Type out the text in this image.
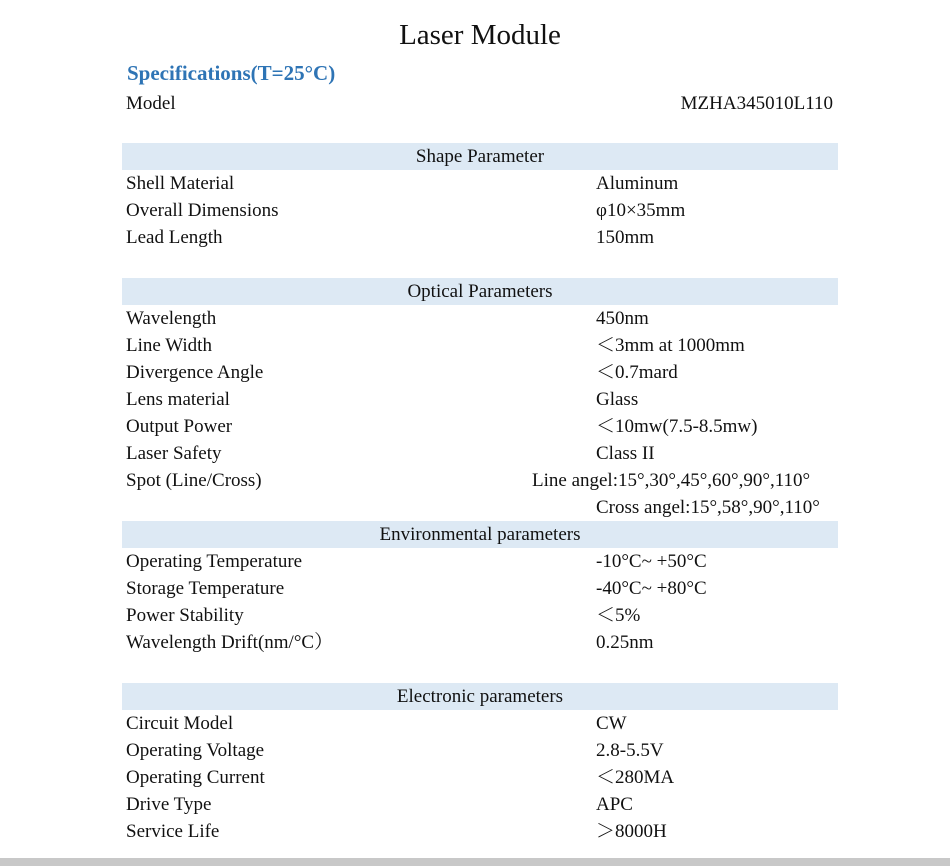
Laser Module
Specifications(T=25°C)
Model	MZHA345010L110
Shape Parameter
Shell Material	Aluminum
Overall Dimensions	φ10×35mm
Lead Length	150mm
Optical Parameters
Wavelength	450nm
Line Width	＜3mm at 1000mm
Divergence Angle	＜0.7mard
Lens material	Glass
Output Power	＜10mw(7.5-8.5mw)
Laser Safety	Class II
Spot (Line/Cross)	Line angel:15°,30°,45°,60°,90°,110°
Cross angel:15°,58°,90°,110°
Environmental parameters
Operating Temperature	-10°C~ +50°C
Storage Temperature	-40°C~ +80°C
Power Stability	＜5%
Wavelength Drift(nm/°C）	0.25nm
Electronic parameters
Circuit Model	CW
Operating Voltage	2.8-5.5V
Operating Current	＜280MA
Drive Type	APC
Service Life	＞8000H
